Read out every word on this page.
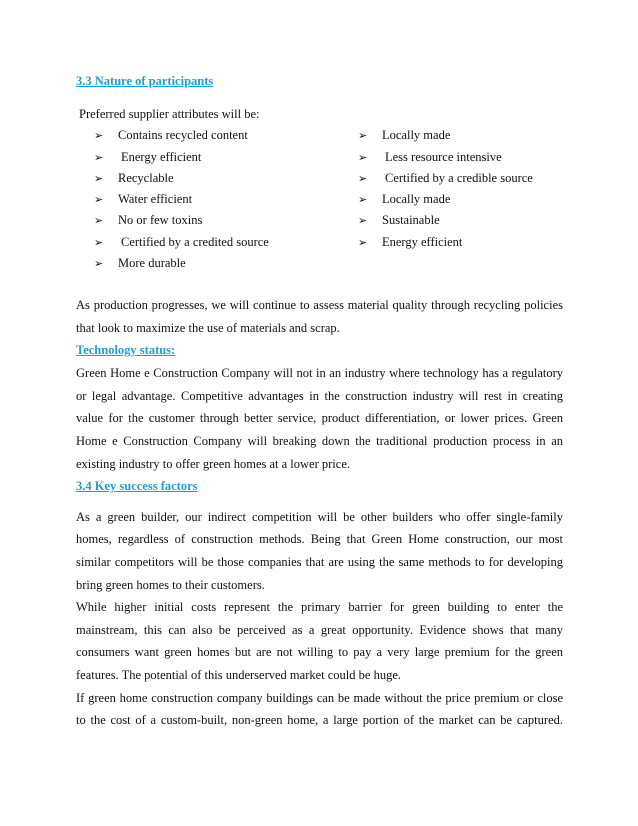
3.3 Nature of participants
Preferred supplier attributes will be:
➢	Contains recycled content
➢	Energy efficient
➢	Recyclable
➢	Water efficient
➢	No or few toxins
➢	Certified by a credited source
➢	More durable
➢	Locally made
➢	Less resource intensive
➢	Certified by a credible source
➢	Locally made
➢	Sustainable
➢	Energy efficient
As production progresses, we will continue to assess material quality through recycling policies
that look to maximize the use of materials and scrap.
Technology status:
Green Home e Construction Company will not in an industry where technology has a regulatory
or legal advantage. Competitive advantages in the construction industry will rest in creating
value for the customer through better service, product differentiation, or lower prices. Green
Home e Construction Company will breaking down the traditional production process in an
existing industry to offer green homes at a lower price.
3.4 Key success factors
As a green builder, our indirect competition will be other builders who offer single-family
homes, regardless of construction methods. Being that Green Home construction, our most
similar competitors will be those companies that are using the same methods to for developing
bring green homes to their customers.
While higher initial costs represent the primary barrier for green building to enter the
mainstream, this can also be perceived as a great opportunity. Evidence shows that many
consumers want green homes but are not willing to pay a very large premium for the green
features. The potential of this underserved market could be huge.
If green home construction company buildings can be made without the price premium or close
to the cost of a custom-built, non-green home, a large portion of the market can be captured.
